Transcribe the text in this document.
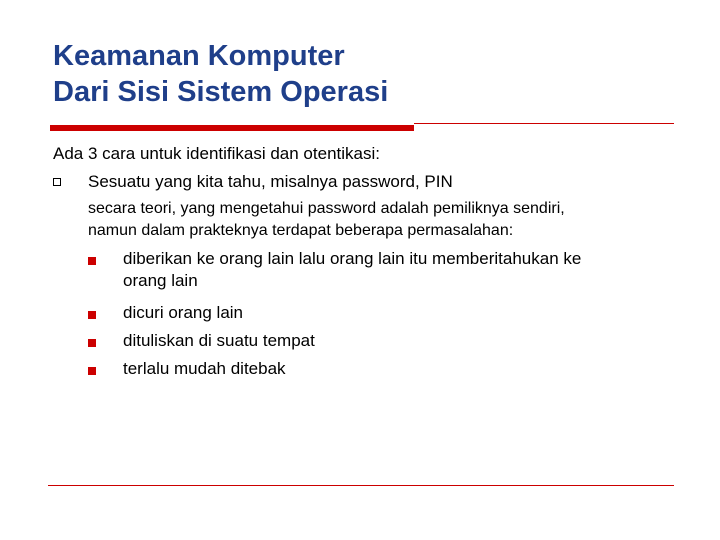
Keamanan Komputer
Dari Sisi Sistem Operasi
Ada 3 cara untuk identifikasi dan otentikasi:
Sesuatu yang kita tahu, misalnya password, PIN
secara teori, yang mengetahui password adalah pemiliknya sendiri,
namun dalam prakteknya terdapat beberapa permasalahan:
diberikan ke orang lain lalu orang lain itu memberitahukan ke
orang lain
dicuri orang lain
dituliskan di suatu tempat
terlalu mudah ditebak
